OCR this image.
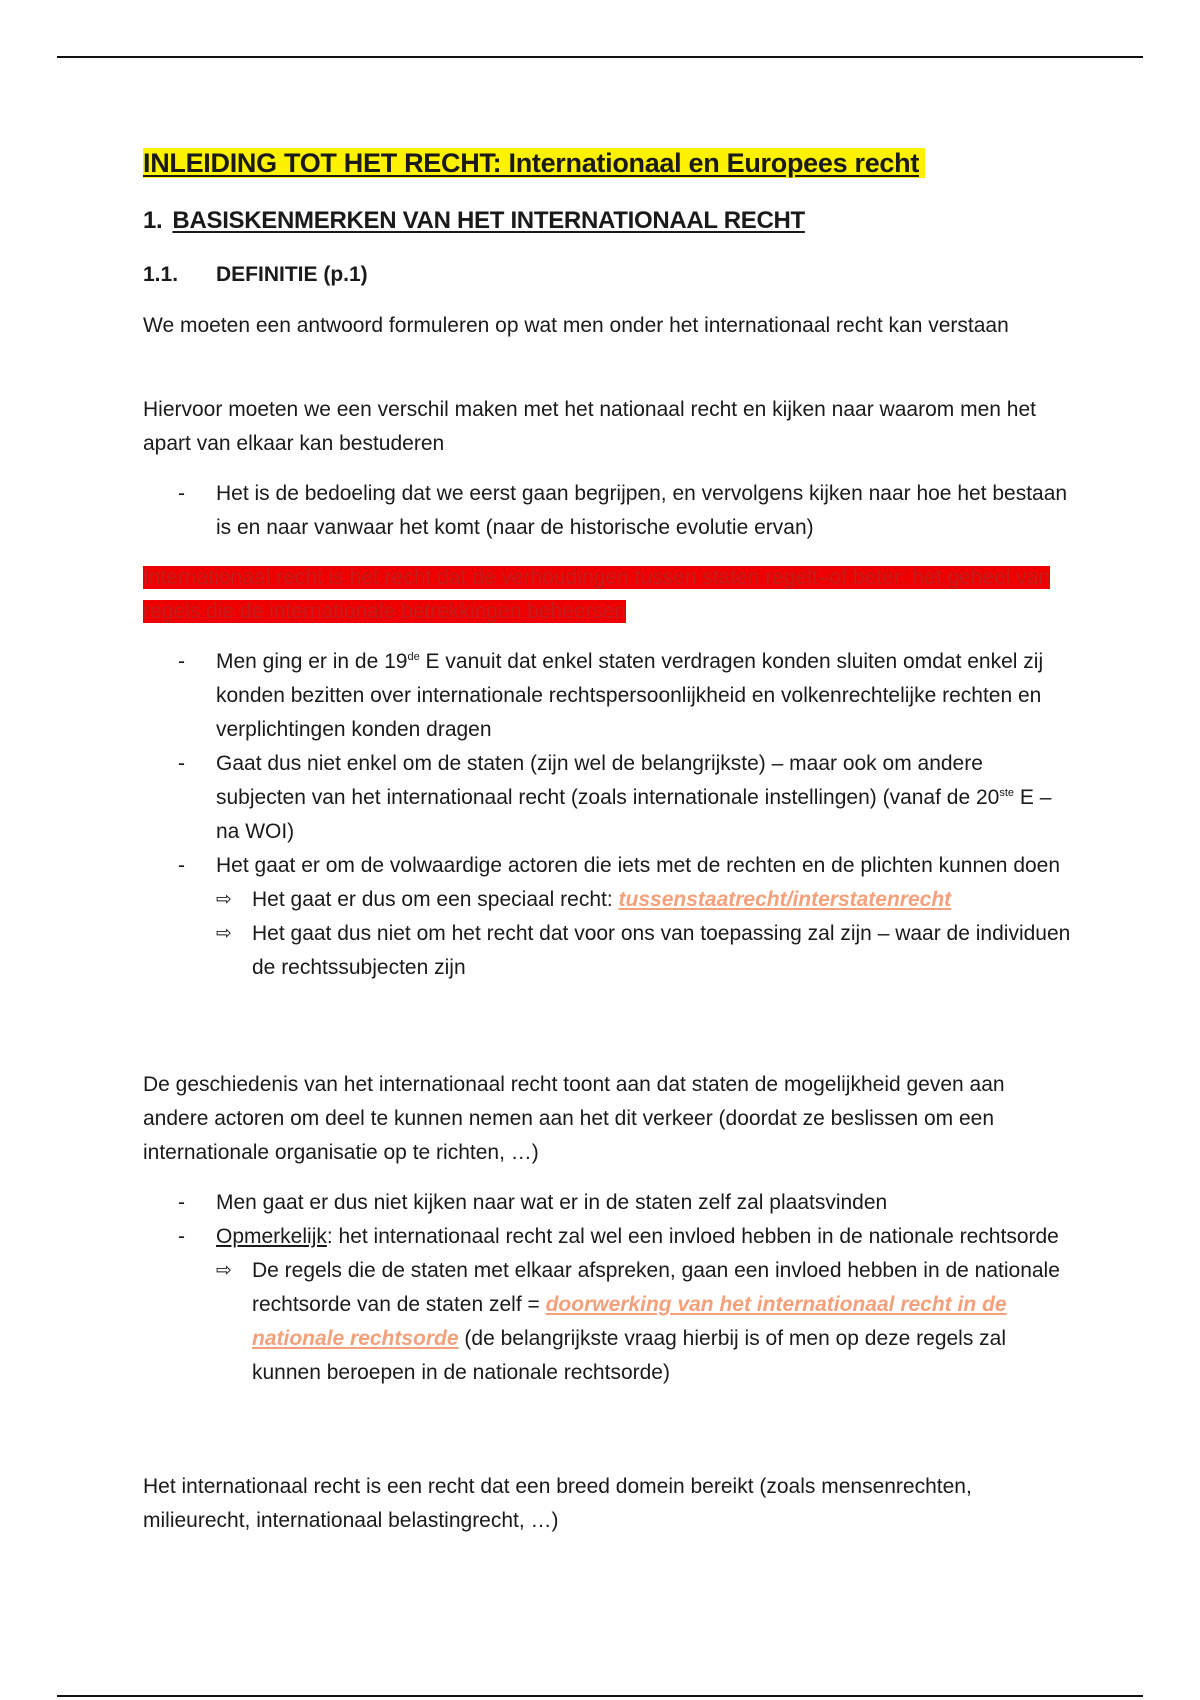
INLEIDING TOT HET RECHT: Internationaal en Europees recht
1. BASISKENMERKEN VAN HET INTERNATIONAAL RECHT
1.1. DEFINITIE (p.1)

We moeten een antwoord formuleren op wat men onder het internationaal recht kan verstaan

Hiervoor moeten we een verschil maken met het nationaal recht en kijken naar waarom men het apart van elkaar kan bestuderen

- Het is de bedoeling dat we eerst gaan begrijpen, en vervolgens kijken naar hoe het bestaan is en naar vanwaar het komt (naar de historische evolutie ervan)

Internationaal recht is het recht dat de verhoudingen tussen staten regelt–of beter: het geheel van regels die de internationale betrekkingen beheersen

- Men ging er in de 19de E vanuit dat enkel staten verdragen konden sluiten omdat enkel zij konden bezitten over internationale rechtspersoonlijkheid en volkenrechtelijke rechten en verplichtingen konden dragen
- Gaat dus niet enkel om de staten (zijn wel de belangrijkste) – maar ook om andere subjecten van het internationaal recht (zoals internationale instellingen) (vanaf de 20ste E – na WOI)
- Het gaat er om de volwaardige actoren die iets met de rechten en de plichten kunnen doen
⇨ Het gaat er dus om een speciaal recht: tussenstaatrecht/interstatenrecht
⇨ Het gaat dus niet om het recht dat voor ons van toepassing zal zijn – waar de individuen de rechtssubjecten zijn

De geschiedenis van het internationaal recht toont aan dat staten de mogelijkheid geven aan andere actoren om deel te kunnen nemen aan het dit verkeer (doordat ze beslissen om een internationale organisatie op te richten, …)

- Men gaat er dus niet kijken naar wat er in de staten zelf zal plaatsvinden
- Opmerkelijk: het internationaal recht zal wel een invloed hebben in de nationale rechtsorde
⇨ De regels die de staten met elkaar afspreken, gaan een invloed hebben in de nationale rechtsorde van de staten zelf = doorwerking van het internationaal recht in de nationale rechtsorde (de belangrijkste vraag hierbij is of men op deze regels zal kunnen beroepen in de nationale rechtsorde)

Het internationaal recht is een recht dat een breed domein bereikt (zoals mensenrechten, milieurecht, internationaal belastingrecht, …)
